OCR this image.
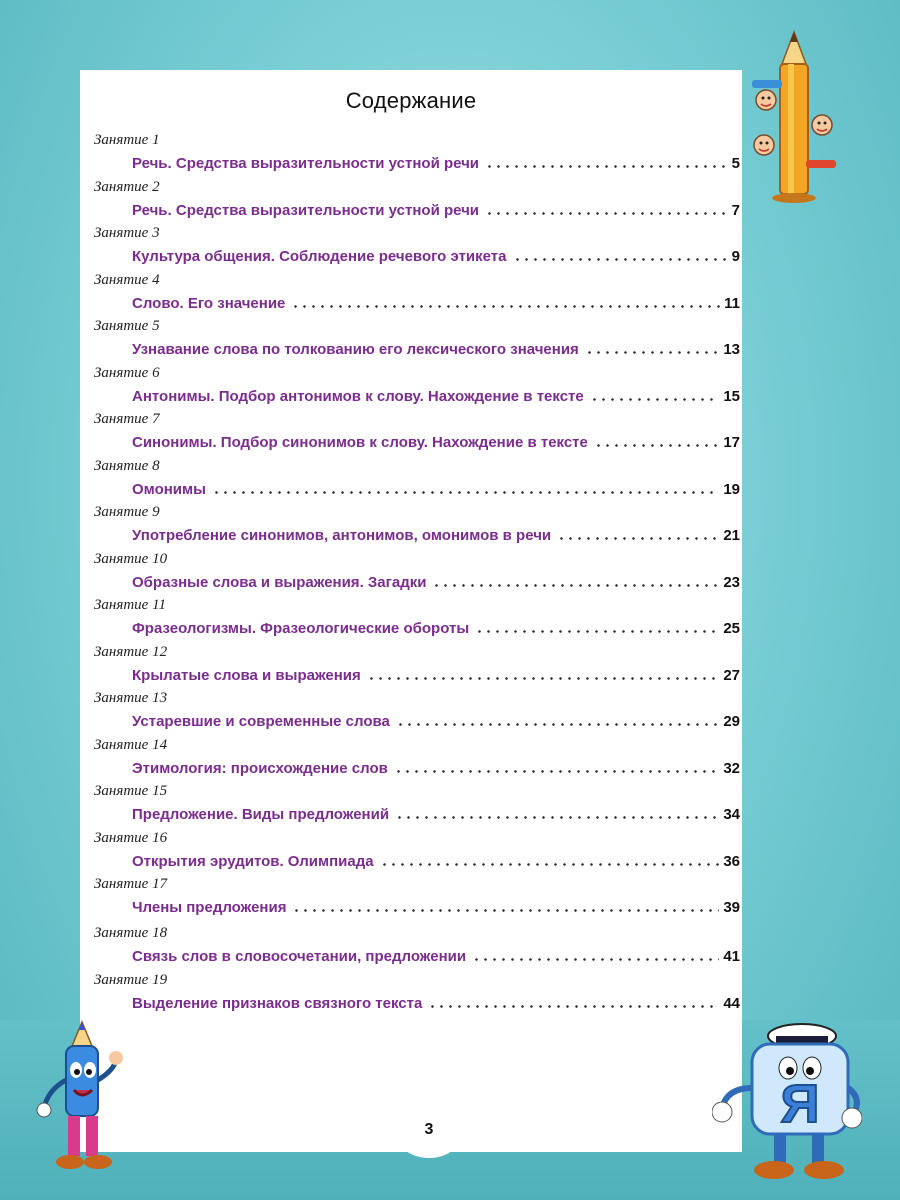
Содержание
Занятие 1
Речь. Средства выразительности устной речи	5
Занятие 2
Речь. Средства выразительности устной речи	7
Занятие 3
Культура общения. Соблюдение речевого этикета	9
Занятие 4
Слово. Его значение	11
Занятие 5
Узнавание слова по толкованию его лексического значения	13
Занятие 6
Антонимы. Подбор антонимов к слову. Нахождение в тексте	15
Занятие 7
Синонимы. Подбор синонимов к слову. Нахождение в тексте	17
Занятие 8
Омонимы	19
Занятие 9
Употребление синонимов, антонимов, омонимов в речи	21
Занятие 10
Образные слова и выражения. Загадки	23
Занятие 11
Фразеологизмы. Фразеологические обороты	25
Занятие 12
Крылатые слова и выражения	27
Занятие 13
Устаревшие и современные слова	29
Занятие 14
Этимология: происхождение слов	32
Занятие 15
Предложение. Виды предложений	34
Занятие 16
Открытия эрудитов. Олимпиада	36
Занятие 17
Члены предложения	39
Занятие 18
Связь слов в словосочетании, предложении	41
Занятие 19
Выделение признаков связного текста	44
Я
3
